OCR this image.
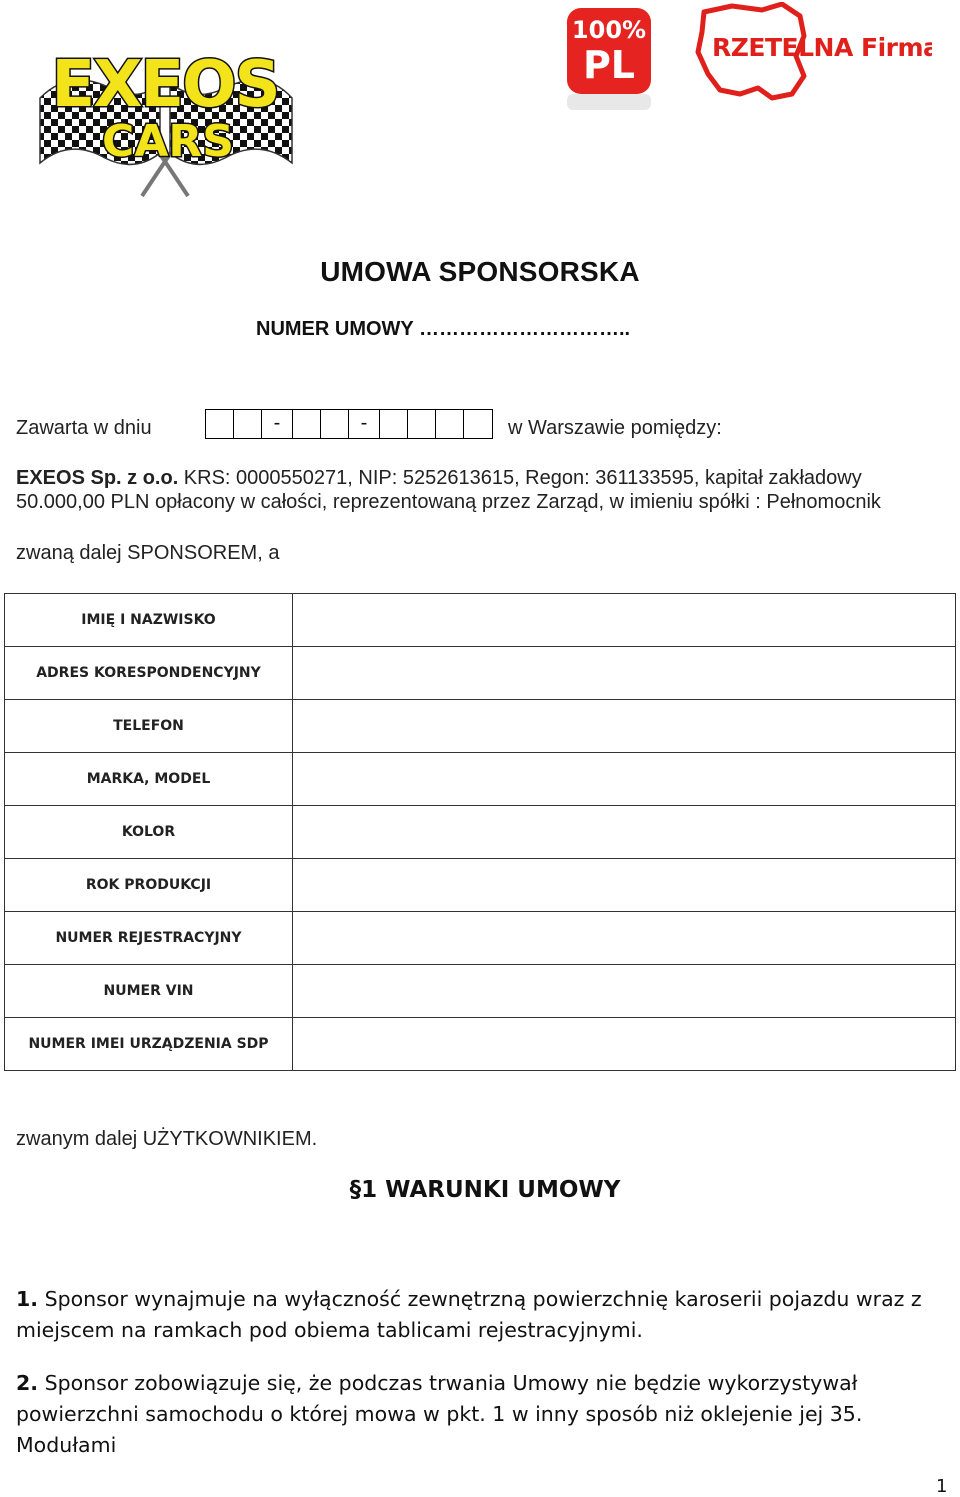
EXEOS
CARS
100%
PL	RZETELNA Firma
UMOWA SPONSORSKA
NUMER UMOWY …………………………..
Zawarta w dniu	-	-	w Warszawie pomiędzy:
EXEOS Sp. z o.o. KRS: 0000550271, NIP: 5252613615, Regon: 361133595, kapitał zakładowy
50.000,00 PLN opłacony w całości, reprezentowaną przez Zarząd, w imieniu spółki : Pełnomocnik
zwaną dalej SPONSOREM, a
IMIĘ I NAZWISKO	
ADRES KORESPONDENCYJNY	
TELEFON	
MARKA, MODEL	
KOLOR	
ROK PRODUKCJI	
NUMER REJESTRACYJNY	
NUMER VIN	
NUMER IMEI URZĄDZENIA SDP	
zwanym dalej UŻYTKOWNIKIEM.
§1 WARUNKI UMOWY
1. Sponsor wynajmuje na wyłączność zewnętrzną powierzchnię karoserii pojazdu wraz z miejscem na ramkach pod obiema tablicami rejestracyjnymi.
2. Sponsor zobowiązuje się, że podczas trwania Umowy nie będzie wykorzystywał powierzchni samochodu o której mowa w pkt. 1 w inny sposób niż oklejenie jej 35. Modułami
1
